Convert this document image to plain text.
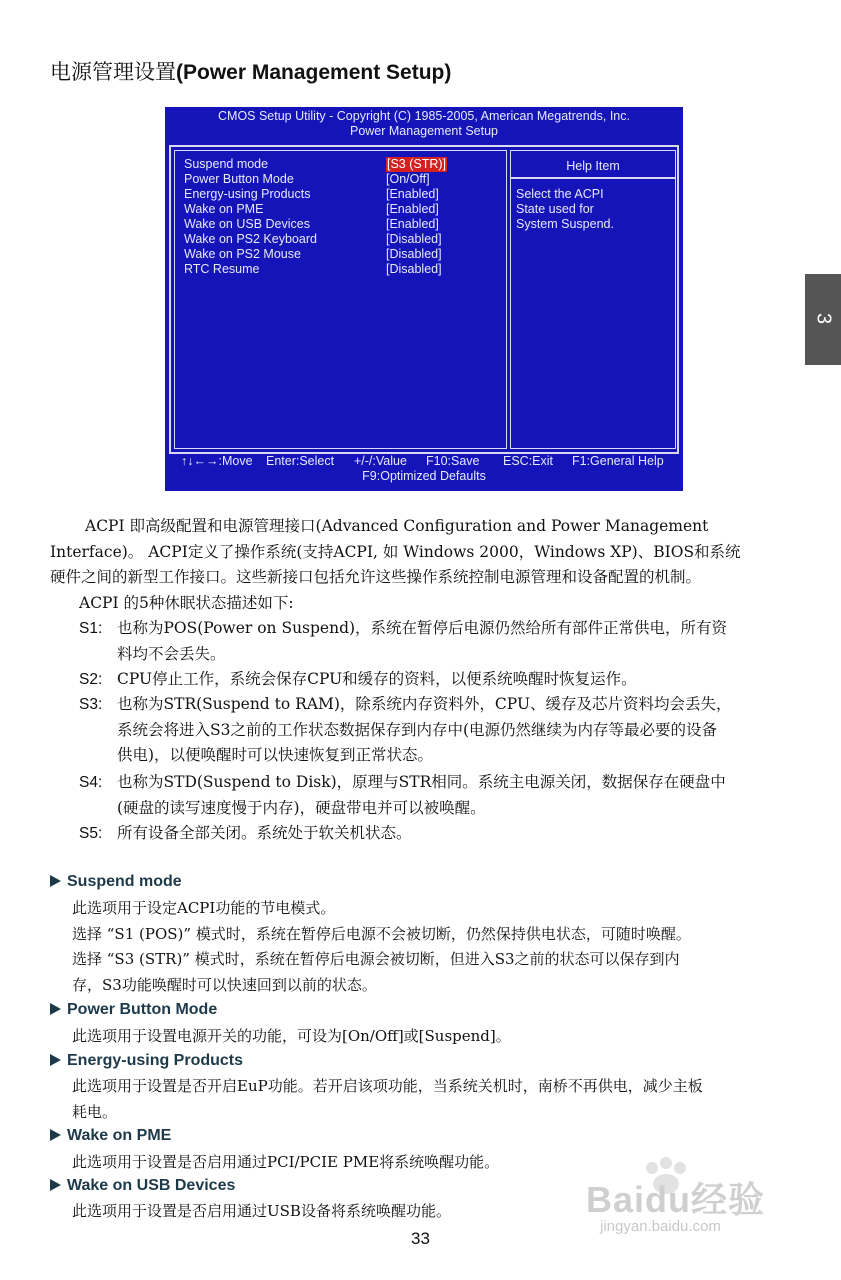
电源管理设置(Power Management Setup)
CMOS Setup Utility - Copyright (C) 1985-2005, American Megatrends, Inc.
Power Management Setup
Suspend mode	[S3 (STR)]
Power Button Mode	[On/Off]
Energy-using Products	[Enabled]
Wake on PME	[Enabled]
Wake on USB Devices	[Enabled]
Wake on PS2 Keyboard	[Disabled]
Wake on PS2 Mouse	[Disabled]
RTC Resume	[Disabled]
Help Item
Select the ACPI
State used for
System Suspend.
↑↓←→:Move Enter:Select +/-/:Value F10:Save ESC:Exit F1:General Help
F9:Optimized Defaults
ACPI 即高级配置和电源管理接口(Advanced Configuration and Power Management
Interface)。 ACPI定义了操作系统(支持ACPI, 如 Windows 2000，Windows XP)、BIOS和系统
硬件之间的新型工作接口。这些新接口包括允许这些操作系统控制电源管理和设备配置的机制。
ACPI 的5种休眠状态描述如下:
S1: 也称为POS(Power on Suspend)，系统在暂停后电源仍然给所有部件正常供电，所有资
料均不会丢失。
S2: CPU停止工作，系统会保存CPU和缓存的资料，以便系统唤醒时恢复运作。
S3: 也称为STR(Suspend to RAM)，除系统内存资料外，CPU、缓存及芯片资料均会丢失，
系统会将进入S3之前的工作状态数据保存到内存中(电源仍然继续为内存等最必要的设备
供电)，以便唤醒时可以快速恢复到正常状态。
S4: 也称为STD(Suspend to Disk)，原理与STR相同。系统主电源关闭，数据保存在硬盘中
(硬盘的读写速度慢于内存)，硬盘带电并可以被唤醒。
S5: 所有设备全部关闭。系统处于软关机状态。
Suspend mode
此选项用于设定ACPI功能的节电模式。
选择 “S1 (POS)” 模式时，系统在暂停后电源不会被切断，仍然保持供电状态，可随时唤醒。
选择 “S3 (STR)” 模式时，系统在暂停后电源会被切断，但进入S3之前的状态可以保存到内
存，S3功能唤醒时可以快速回到以前的状态。
Power Button Mode
此选项用于设置电源开关的功能，可设为[On/Off]或[Suspend]。
Energy-using Products
此选项用于设置是否开启EuP功能。若开启该项功能，当系统关机时，南桥不再供电，减少主板
耗电。
Wake on PME
此选项用于设置是否启用通过PCI/PCIE PME将系统唤醒功能。
Wake on USB Devices
此选项用于设置是否启用通过USB设备将系统唤醒功能。
3
Baidu经验
jingyan.baidu.com
33
